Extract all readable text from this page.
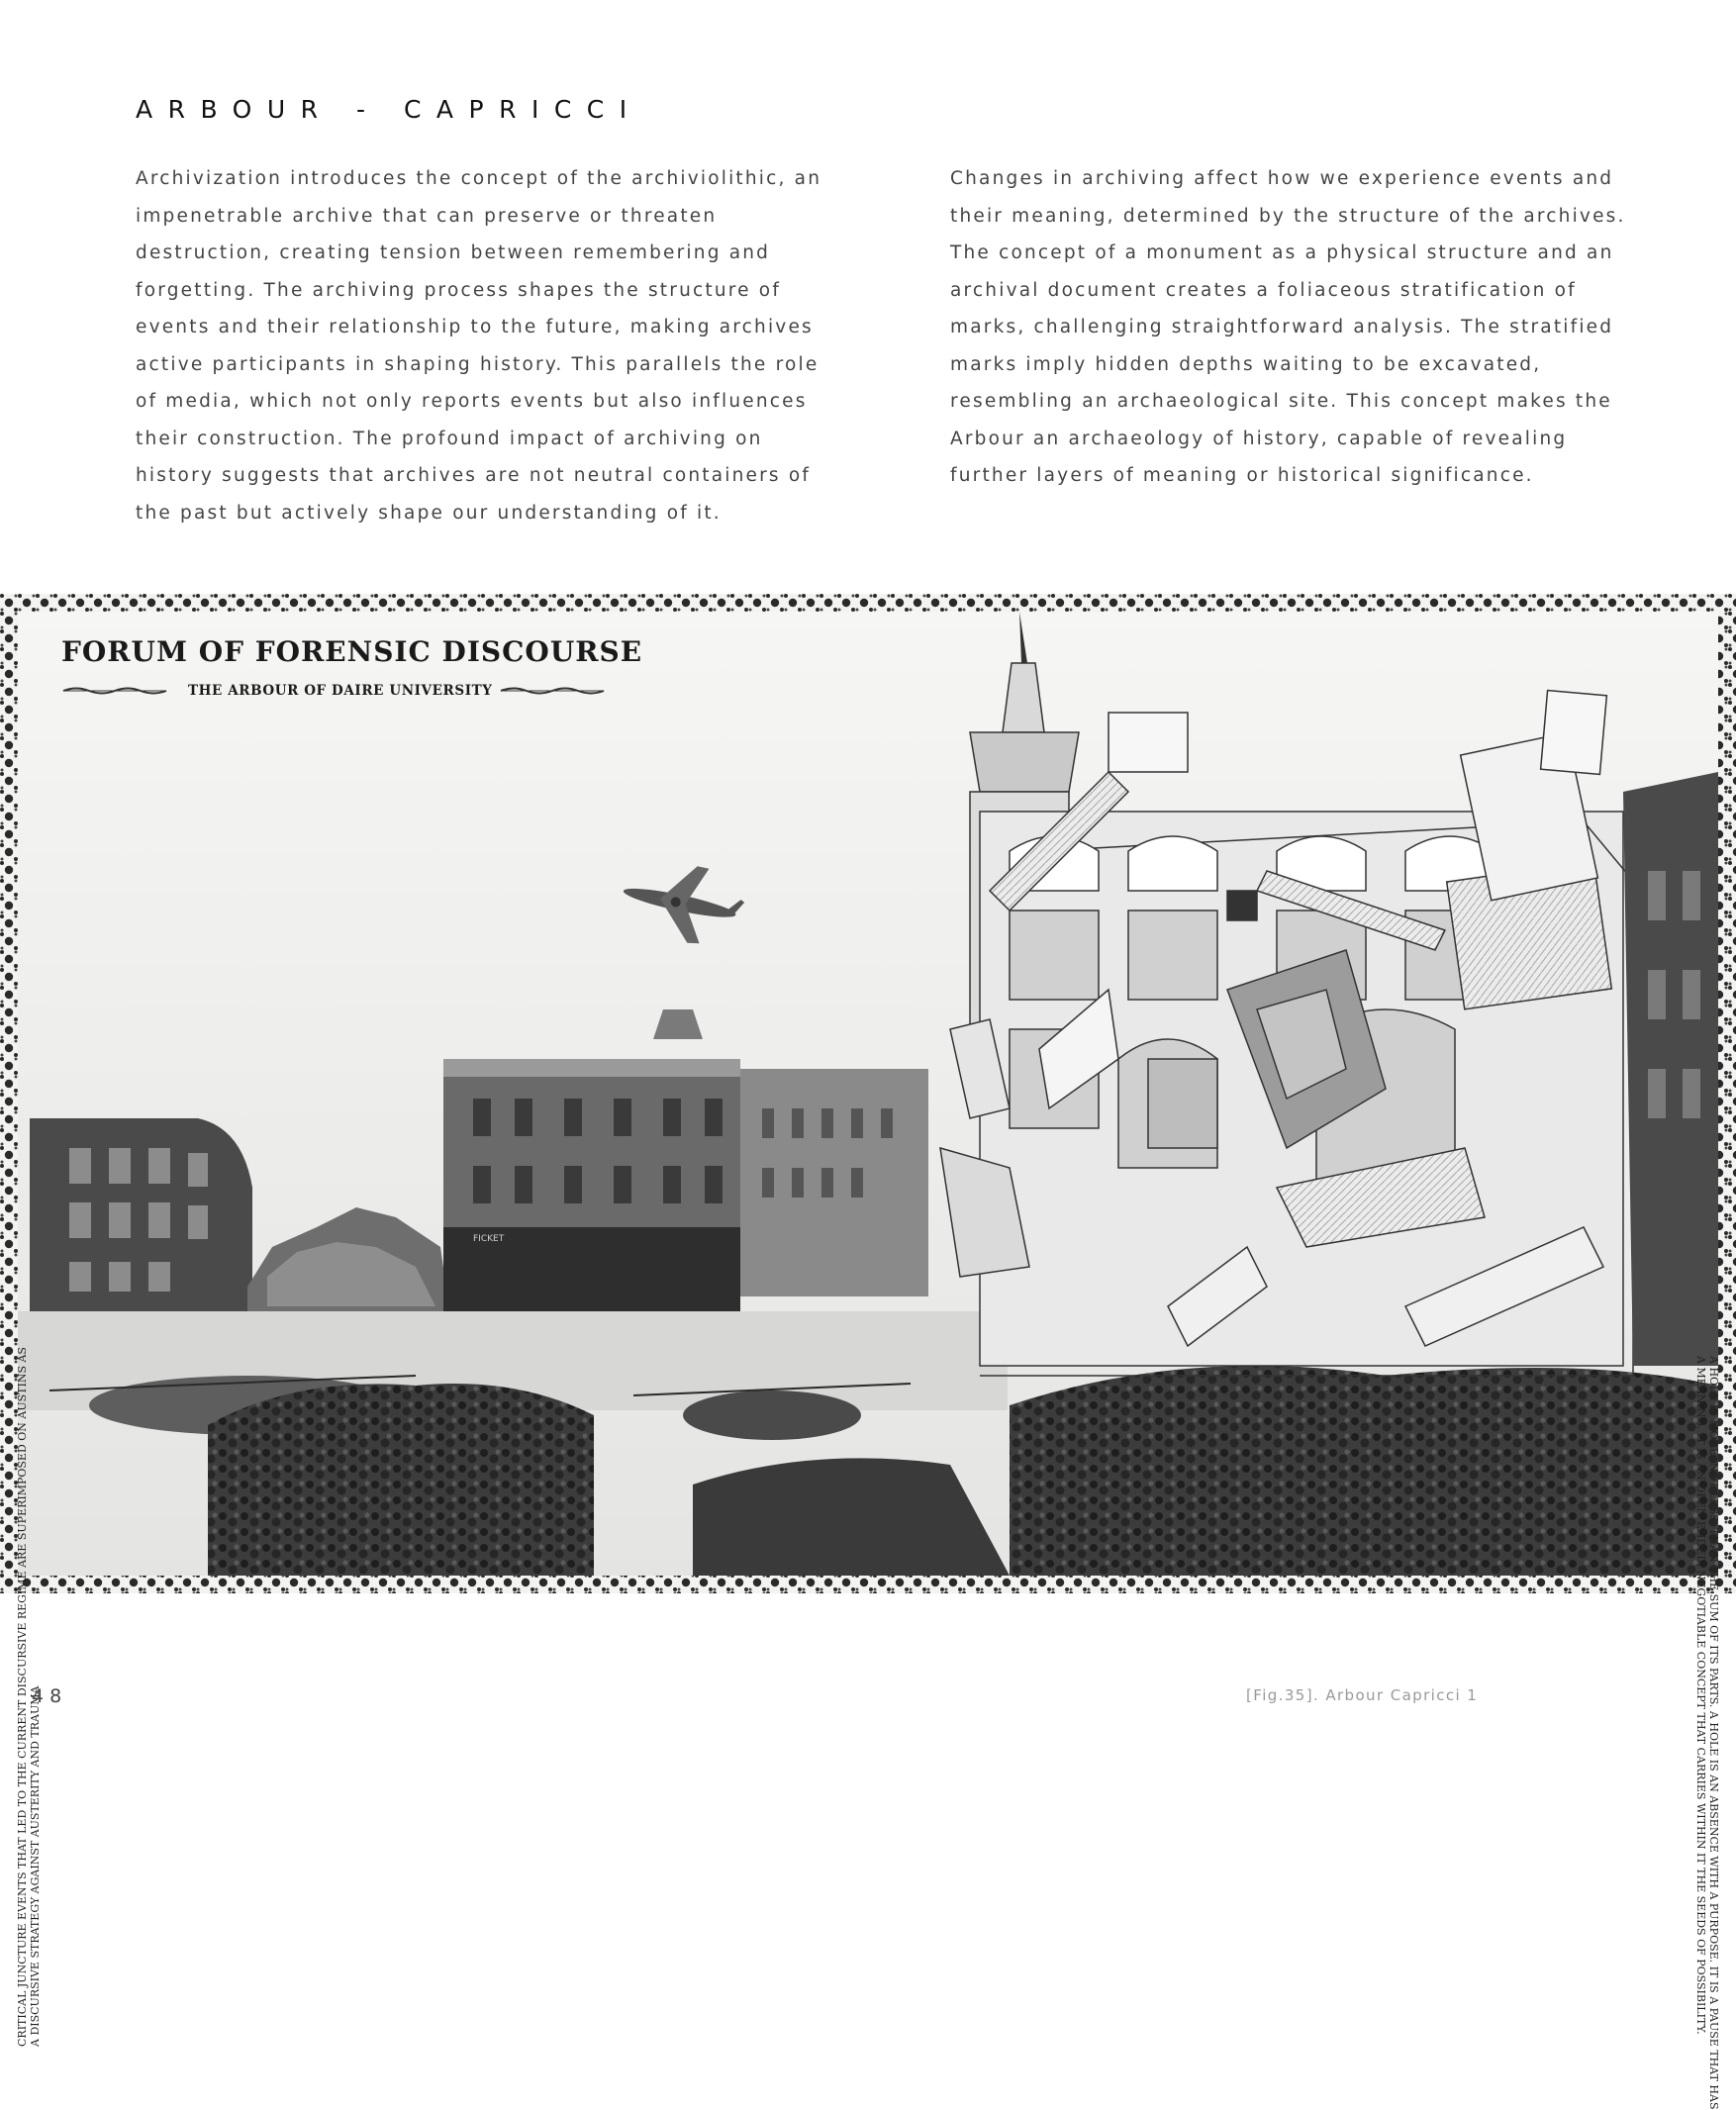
ARBOUR - CAPRICCI

Archivization introduces the concept of the archiviolithic, an impenetrable archive that can preserve or threaten destruction, creating tension between remembering and forgetting. The archiving process shapes the structure of events and their relationship to the future, making archives active participants in shaping history. This parallels the role of media, which not only reports events but also influences their construction. The profound impact of archiving on history suggests that archives are not neutral containers of the past but actively shape our understanding of it.

Changes in archiving affect how we experience events and their meaning, determined by the structure of the archives. The concept of a monument as a physical structure and an archival document creates a foliaceous stratification of marks, challenging straightforward analysis. The stratified marks imply hidden depths waiting to be excavated, resembling an archaeological site. This concept makes the Arbour an archaeology of history, capable of revealing further layers of meaning or historical significance.

FICKET
CRITICAL JUNCTURE EVENTS THAT LED TO THE CURRENT DISCURSIVE REGIME ARE SUPERIMPOSED ON AUSTINS AS
A DISCURSIVE STRATEGY AGAINST AUSTERITY AND TRAUMA
A HOLE IS MORE, NOT LESS, THAN THE SUM OF ITS PARTS. A HOLE IS AN ABSENCE WITH A PURPOSE. IT IS A PAUSE THAT HAS
A MEANING. IT IS AN OPEN ENDED, NEGOTIABLE CONCEPT THAT CARRIES WITHIN IT THE SEEDS OF POSSIBILITY.
FORUM OF FORENSIC DISCOURSE
THE ARBOUR OF DAIRE UNIVERSITY
48	[Fig.35]. Arbour Capricci 1
